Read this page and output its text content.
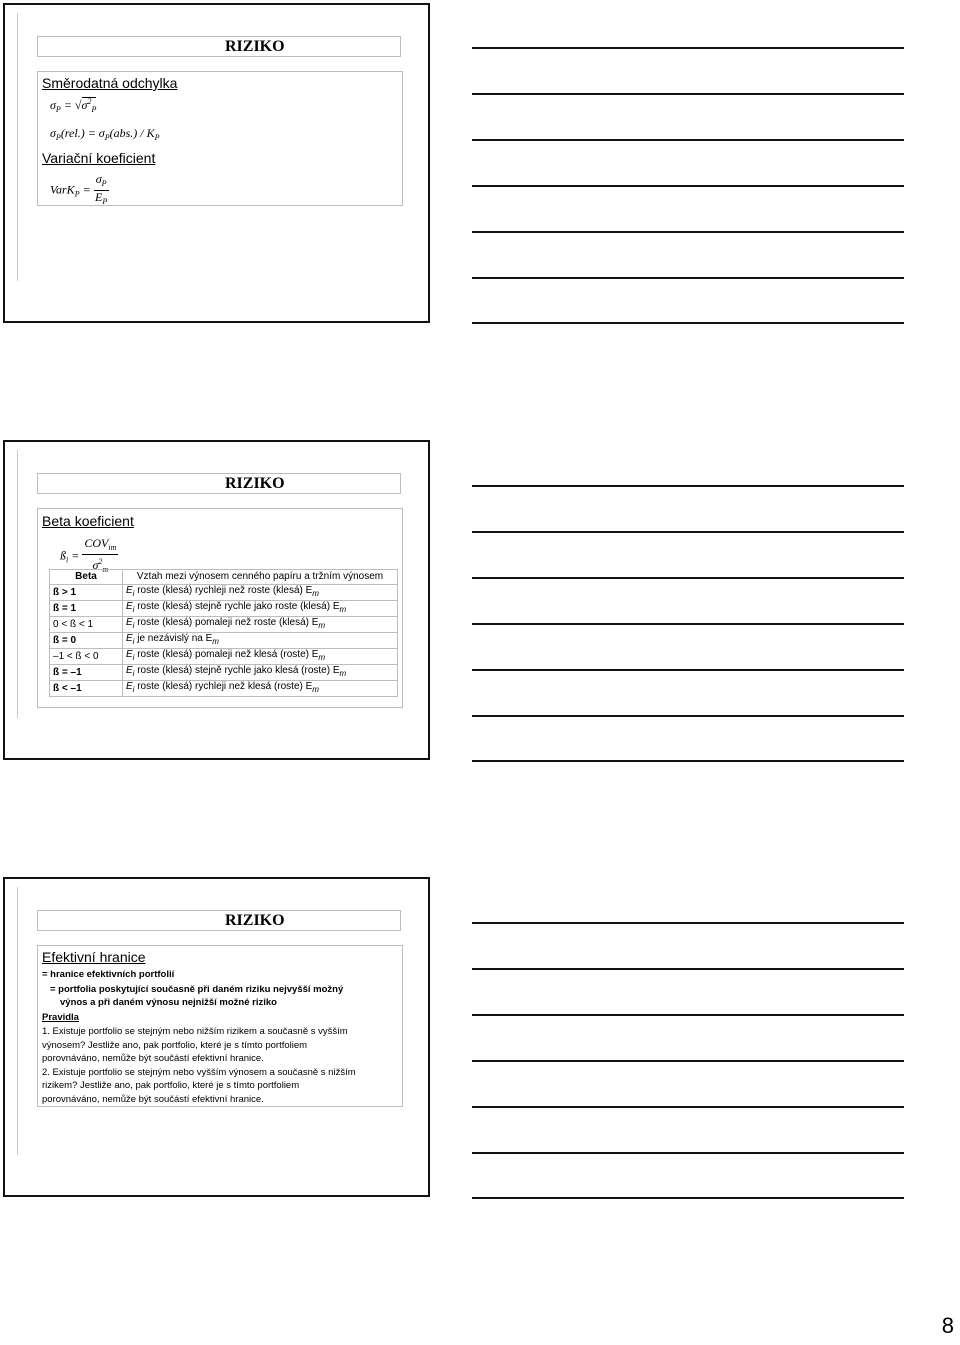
RIZIKO
Směrodatná odchylka
$\sigma_P = √\sigma^2_P$
$\sigma_P(rel.) = \sigma_P(abs.) / K_P$
Variační koeficient
VarK$_P$ = $\frac{\sigma_P}{E_P}$
RIZIKO
Beta koeficient
$ß_i = \frac{COV_{im}}{\sigma^2_m}$
Beta	Vztah mezi výnosem cenného papíru a tržním výnosem
ß > 1	$E_i$ roste (klesá) rychleji než roste (klesá) $E_m$
ß = 1	$E_i$ roste (klesá) stejně rychle jako roste (klesá) $E_m$
0 < ß < 1	$E_i$ roste (klesá) pomaleji než roste (klesá) $E_m$
ß = 0	$E_i$ je nezávislý na $E_m$
–1 < ß < 0	$E_i$ roste (klesá) pomaleji než klesá (roste) $E_m$
ß = –1	$E_i$ roste (klesá) stejně rychle jako klesá (roste) $E_m$
ß < –1	$E_i$ roste (klesá) rychleji než klesá (roste) $E_m$
RIZIKO
Efektivní hranice
= hranice efektivních portfolií
= portfolia poskytující současně při daném riziku nejvyšší možný
výnos a při daném výnosu nejnižší možné riziko
Pravidla
1. Existuje portfolio se stejným nebo nižším rizikem a současně s vyšším
výnosem? Jestliže ano, pak portfolio, které je s tímto portfoliem
porovnáváno, nemůže být součástí efektivní hranice.
2. Existuje portfolio se stejným nebo vyšším výnosem a současně s nižším
rizikem? Jestliže ano, pak portfolio, které je s tímto portfoliem
porovnáváno, nemůže být součástí efektivní hranice.
8
